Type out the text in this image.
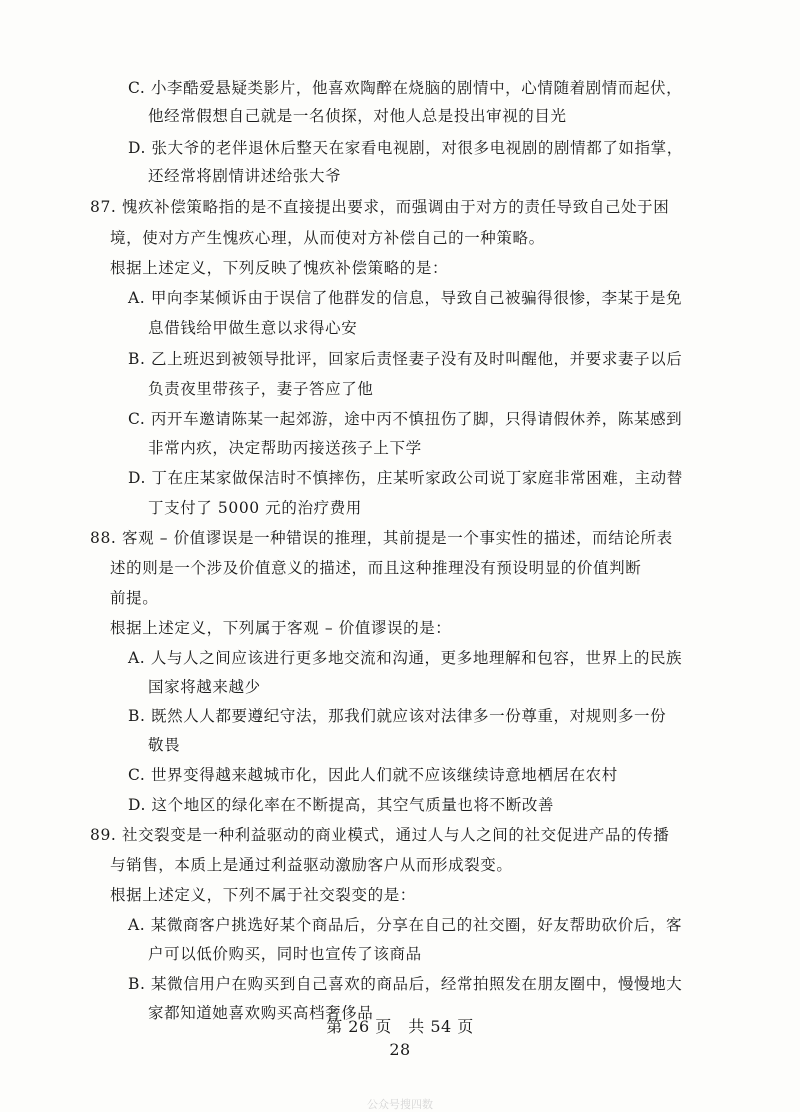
C. 小李酷爱悬疑类影片，他喜欢陶醉在烧脑的剧情中，心情随着剧情而起伏，
他经常假想自己就是一名侦探，对他人总是投出审视的目光
D. 张大爷的老伴退休后整天在家看电视剧，对很多电视剧的剧情都了如指掌，
还经常将剧情讲述给张大爷
87. 愧疚补偿策略指的是不直接提出要求，而强调由于对方的责任导致自己处于困
境，使对方产生愧疚心理，从而使对方补偿自己的一种策略。
根据上述定义，下列反映了愧疚补偿策略的是：
A. 甲向李某倾诉由于误信了他群发的信息，导致自己被骗得很惨，李某于是免
息借钱给甲做生意以求得心安
B. 乙上班迟到被领导批评，回家后责怪妻子没有及时叫醒他，并要求妻子以后
负责夜里带孩子，妻子答应了他
C. 丙开车邀请陈某一起郊游，途中丙不慎扭伤了脚，只得请假休养，陈某感到
非常内疚，决定帮助丙接送孩子上下学
D. 丁在庄某家做保洁时不慎摔伤，庄某听家政公司说丁家庭非常困难，主动替
丁支付了 5000 元的治疗费用
88. 客观 – 价值谬误是一种错误的推理，其前提是一个事实性的描述，而结论所表
述的则是一个涉及价值意义的描述，而且这种推理没有预设明显的价值判断
前提。
根据上述定义，下列属于客观 – 价值谬误的是：
A. 人与人之间应该进行更多地交流和沟通，更多地理解和包容，世界上的民族
国家将越来越少
B. 既然人人都要遵纪守法，那我们就应该对法律多一份尊重，对规则多一份
敬畏
C. 世界变得越来越城市化，因此人们就不应该继续诗意地栖居在农村
D. 这个地区的绿化率在不断提高，其空气质量也将不断改善
89. 社交裂变是一种利益驱动的商业模式，通过人与人之间的社交促进产品的传播
与销售，本质上是通过利益驱动激励客户从而形成裂变。
根据上述定义，下列不属于社交裂变的是：
A. 某微商客户挑选好某个商品后，分享在自己的社交圈，好友帮助砍价后，客
户可以低价购买，同时也宣传了该商品
B. 某微信用户在购买到自己喜欢的商品后，经常拍照发在朋友圈中，慢慢地大
家都知道她喜欢购买高档奢侈品
第 26 页　共 54 页
28
公众号搜四数
